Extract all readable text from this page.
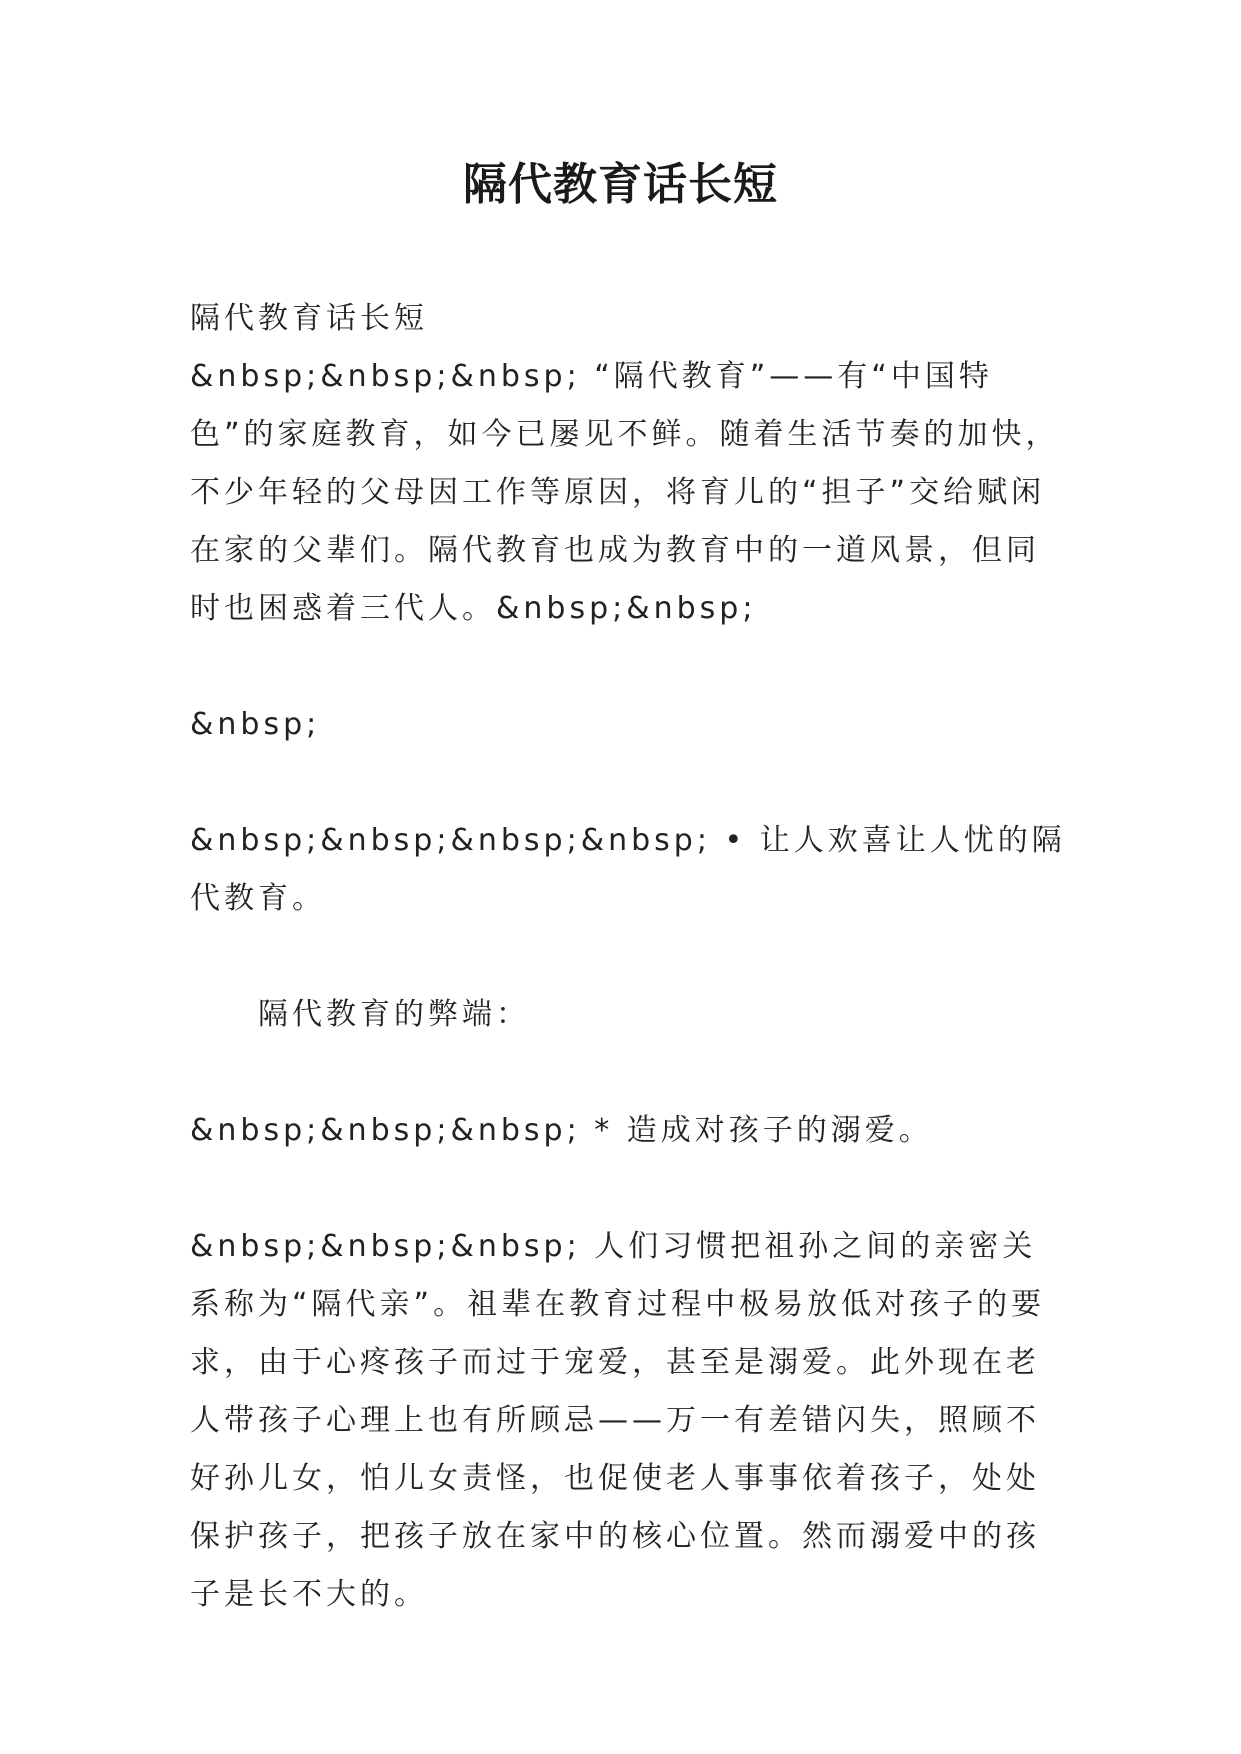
隔代教育话长短

隔代教育话长短

&nbsp;&nbsp;&nbsp; “隔代教育”——有“中国特色”的家庭教育，如今已屡见不鲜。随着生活节奏的加快，不少年轻的父母因工作等原因，将育儿的“担子”交给赋闲在家的父辈们。隔代教育也成为教育中的一道风景，但同时也困惑着三代人。&nbsp;&nbsp;

&nbsp;

&nbsp;&nbsp;&nbsp;&nbsp; • 让人欢喜让人忧的隔代教育。

隔代教育的弊端：

&nbsp;&nbsp;&nbsp; * 造成对孩子的溺爱。

&nbsp;&nbsp;&nbsp; 人们习惯把祖孙之间的亲密关系称为“隔代亲”。祖辈在教育过程中极易放低对孩子的要求，由于心疼孩子而过于宠爱，甚至是溺爱。此外现在老人带孩子心理上也有所顾忌——万一有差错闪失，照顾不好孙儿女，怕儿女责怪，也促使老人事事依着孩子，处处保护孩子，把孩子放在家中的核心位置。然而溺爱中的孩子是长不大的。
